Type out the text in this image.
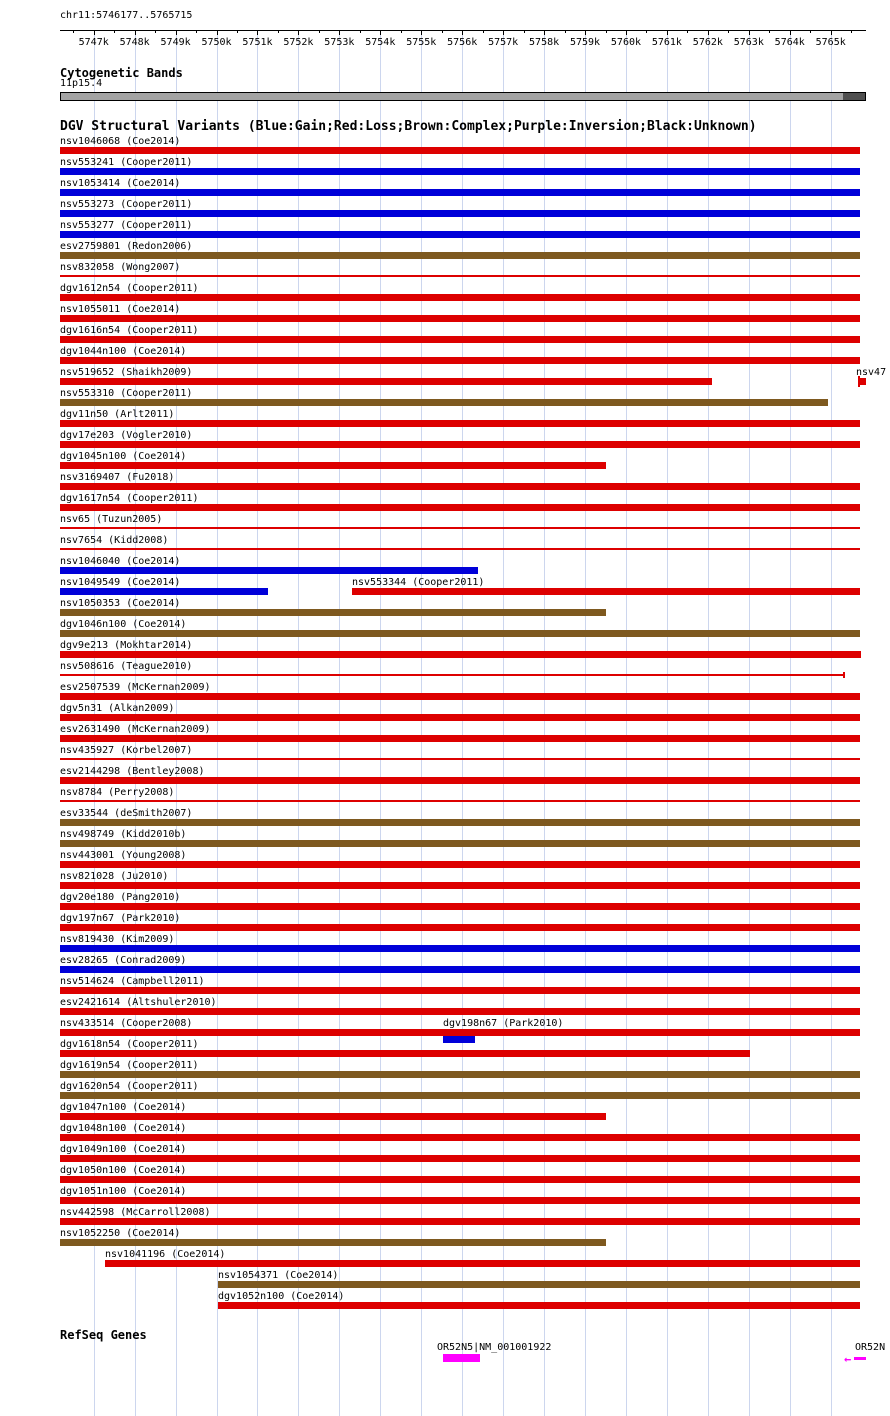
chr11:5746177..5765715
Cytogenetic Bands
11p15.4
DGV Structural Variants (Blue:Gain;Red:Loss;Brown:Complex;Purple:Inversion;Black:Unknown)
RefSeq Genes
5747k 5748k 5749k 5750k 5751k 5752k 5753k 5754k 5755k 5756k 5757k 5758k 5759k 5760k 5761k 5762k 5763k 5764k 5765k
nsv1046068 (Coe2014)
nsv553241 (Cooper2011)
nsv1053414 (Coe2014)
nsv553273 (Cooper2011)
nsv553277 (Cooper2011)
esv2759801 (Redon2006)
nsv832058 (Wong2007)
dgv1612n54 (Cooper2011)
nsv1055011 (Coe2014)
dgv1616n54 (Cooper2011)
dgv1044n100 (Coe2014)
nsv519652 (Shaikh2009)	nsv47
nsv553310 (Cooper2011)
dgv11n50 (Arlt2011)
dgv17e203 (Vogler2010)
dgv1045n100 (Coe2014)
nsv3169407 (Fu2018)
dgv1617n54 (Cooper2011)
nsv65 (Tuzun2005)
nsv7654 (Kidd2008)
nsv1046040 (Coe2014)
nsv1049549 (Coe2014)	nsv553344 (Cooper2011)
nsv1050353 (Coe2014)
dgv1046n100 (Coe2014)
dgv9e213 (Mokhtar2014)
nsv508616 (Teague2010)
esv2507539 (McKernan2009)
dgv5n31 (Alkan2009)
esv2631490 (McKernan2009)
nsv435927 (Korbel2007)
esv2144298 (Bentley2008)
nsv8784 (Perry2008)
esv33544 (deSmith2007)
nsv498749 (Kidd2010b)
nsv443001 (Young2008)
nsv821028 (Ju2010)
dgv20e180 (Pang2010)
dgv197n67 (Park2010)
nsv819430 (Kim2009)
esv28265 (Conrad2009)
nsv514624 (Campbell2011)
esv2421614 (Altshuler2010)
nsv433514 (Cooper2008)	dgv198n67 (Park2010)
dgv1618n54 (Cooper2011)
dgv1619n54 (Cooper2011)
dgv1620n54 (Cooper2011)
dgv1047n100 (Coe2014)
dgv1048n100 (Coe2014)
dgv1049n100 (Coe2014)
dgv1050n100 (Coe2014)
dgv1051n100 (Coe2014)
nsv442598 (McCarroll2008)
nsv1052250 (Coe2014)
nsv1041196 (Coe2014)
nsv1054371 (Coe2014)
dgv1052n100 (Coe2014)
OR52N5|NM_001001922	OR52N
←
